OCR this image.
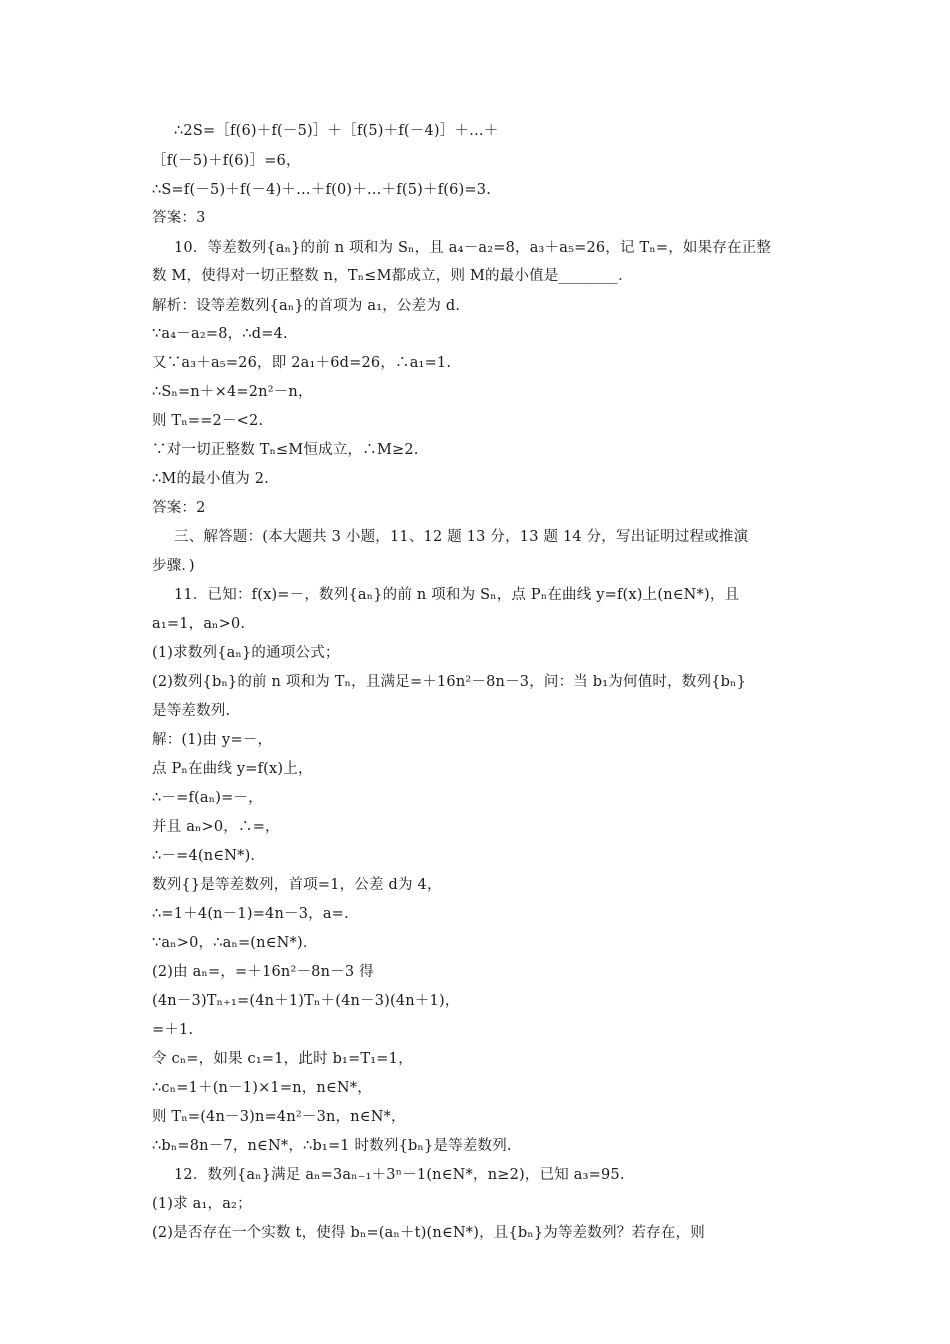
∴2S=［f(6)＋f(－5)］＋［f(5)＋f(－4)］＋…＋
［f(－5)＋f(6)］=6，
∴S=f(－5)＋f(－4)＋…＋f(0)＋…＋f(5)＋f(6)=3.
答案：3
10．等差数列{aₙ}的前 n 项和为 Sₙ，且 a₄－a₂=8，a₃＋a₅=26，记 Tₙ=，如果存在正整
数 M，使得对一切正整数 n，Tₙ≤M都成立，则 M的最小值是________．
解析：设等差数列{aₙ}的首项为 a₁，公差为 d.
∵a₄－a₂=8，∴d=4.
又∵a₃＋a₅=26，即 2a₁＋6d=26，∴a₁=1.
∴Sₙ=n＋×4=2n²－n，
则 Tₙ==2－<2.
∵对一切正整数 Tₙ≤M恒成立，∴M≥2.
∴M的最小值为 2.
答案：2
三、解答题：(本大题共 3 小题，11、12 题 13 分，13 题 14 分，写出证明过程或推演
步骤．)
11．已知：f(x)=－，数列{aₙ}的前 n 项和为 Sₙ，点 Pₙ在曲线 y=f(x)上(n∈N*)，且
a₁=1，aₙ>0.
(1)求数列{aₙ}的通项公式；
(2)数列{bₙ}的前 n 项和为 Tₙ，且满足=＋16n²－8n－3，问：当 b₁为何值时，数列{bₙ}
是等差数列.
解：(1)由 y=－，
点 Pₙ在曲线 y=f(x)上，
∴－=f(aₙ)=－，
并且 aₙ>0，∴=，
∴－=4(n∈N*)．
数列{}是等差数列，首项=1，公差 d为 4，
∴=1＋4(n－1)=4n－3，a=.
∵aₙ>0，∴aₙ=(n∈N*)．
(2)由 aₙ=，=＋16n²－8n－3 得
(4n－3)Tₙ₊₁=(4n＋1)Tₙ＋(4n－3)(4n＋1)，
=＋1.
令 cₙ=，如果 c₁=1，此时 b₁=T₁=1，
∴cₙ=1＋(n－1)×1=n，n∈N*，
则 Tₙ=(4n－3)n=4n²－3n，n∈N*，
∴bₙ=8n－7，n∈N*，∴b₁=1 时数列{bₙ}是等差数列.
12．数列{aₙ}满足 aₙ=3aₙ₋₁＋3ⁿ－1(n∈N*，n≥2)，已知 a₃=95.
(1)求 a₁，a₂；
(2)是否存在一个实数 t，使得 bₙ=(aₙ＋t)(n∈N*)，且{bₙ}为等差数列？若存在，则
